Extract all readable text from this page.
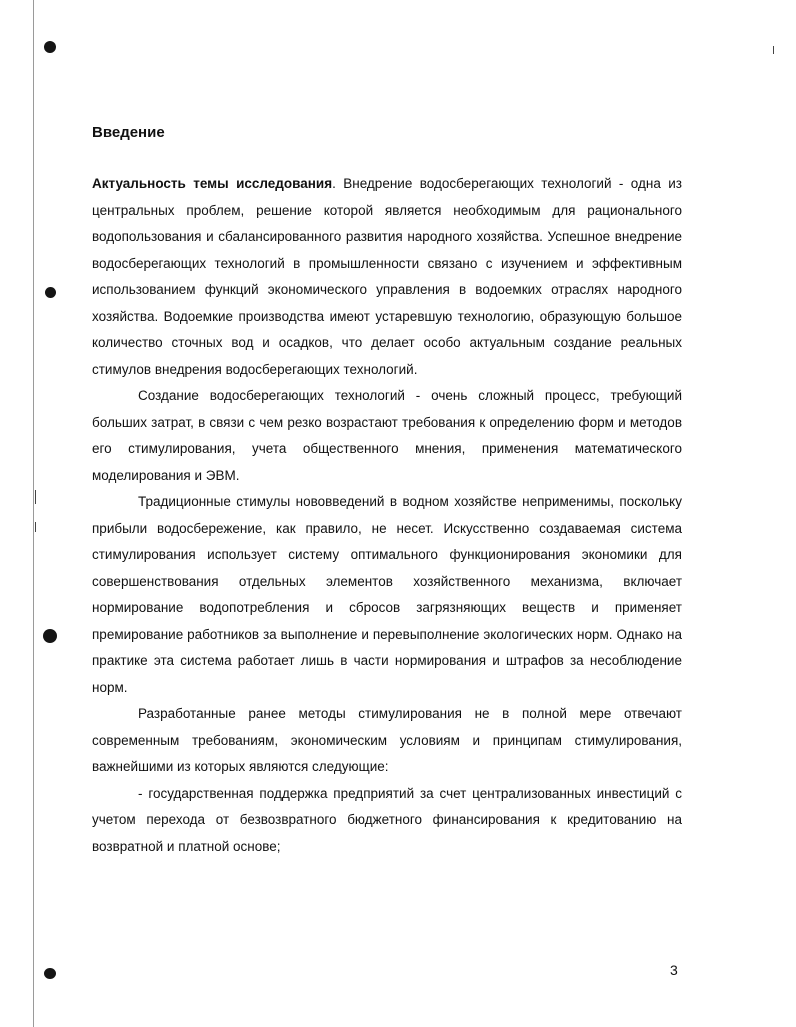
Введение

Актуальность темы исследования. Внедрение водосберегающих технологий - одна из центральных проблем, решение которой является необходимым для рационального водопользования и сбалансированного развития народного хозяйства. Успешное внедрение водосберегающих технологий в промышленности связано с изучением и эффективным использованием функций экономического управления в водоемких отраслях народного хозяйства. Водоемкие производства имеют устаревшую технологию, образующую большое количество сточных вод и осадков, что делает особо актуальным создание реальных стимулов внедрения водосберегающих технологий.

Создание водосберегающих технологий - очень сложный процесс, требующий больших затрат, в связи с чем резко возрастают требования к определению форм и методов его стимулирования, учета общественного мнения, применения математического моделирования и ЭВМ.

Традиционные стимулы нововведений в водном хозяйстве неприменимы, поскольку прибыли водосбережение, как правило, не несет. Искусственно создаваемая система стимулирования использует систему оптимального функционирования экономики для совершенствования отдельных элементов хозяйственного механизма, включает нормирование водопотребления и сбросов загрязняющих веществ и применяет премирование работников за выполнение и перевыполнение экологических норм. Однако на практике эта система работает лишь в части нормирования и штрафов за несоблюдение норм.

Разработанные ранее методы стимулирования не в полной мере отвечают современным требованиям, экономическим условиям и принципам стимулирования, важнейшими из которых являются следующие:

- государственная поддержка предприятий за счет централизованных инвестиций с учетом перехода от безвозвратного бюджетного финансирования к кредитованию на возвратной и платной основе;

3
